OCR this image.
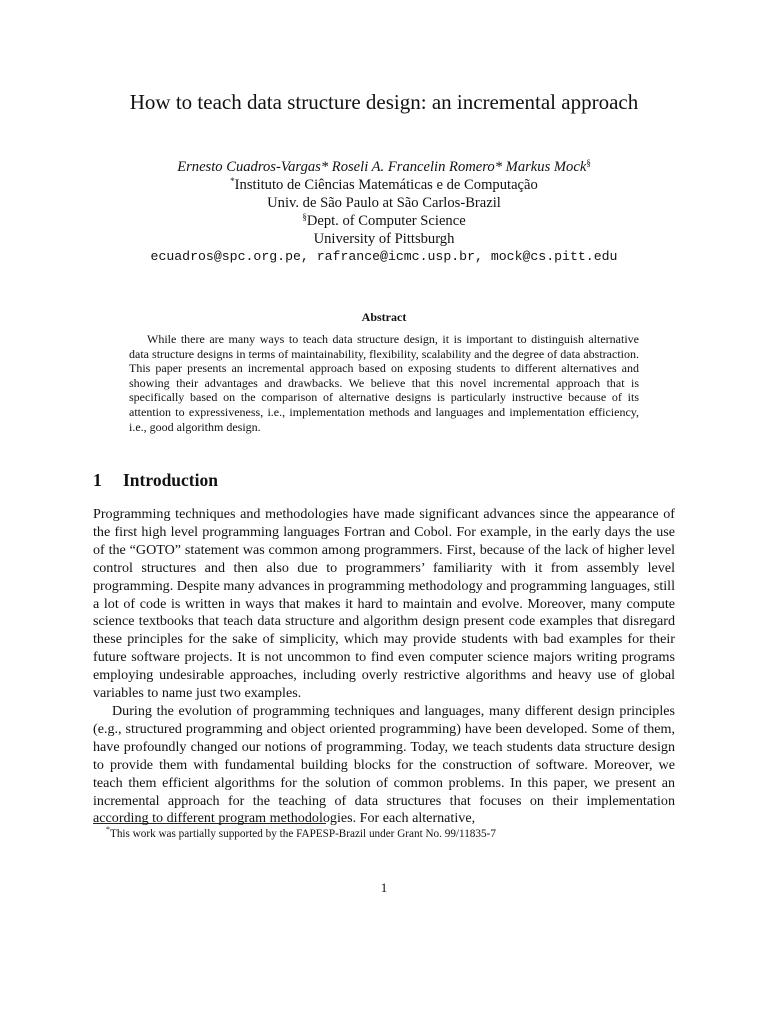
How to teach data structure design: an incremental approach
Ernesto Cuadros-Vargas* Roseli A. Francelin Romero* Markus Mock§
*Instituto de Ciências Matemáticas e de Computação
Univ. de São Paulo at São Carlos-Brazil
§Dept. of Computer Science
University of Pittsburgh
ecuadros@spc.org.pe, rafrance@icmc.usp.br, mock@cs.pitt.edu
Abstract

While there are many ways to teach data structure design, it is important to distinguish alternative data structure designs in terms of maintainability, flexibility, scalability and the degree of data abstraction. This paper presents an incremental approach based on exposing students to different alternatives and showing their advantages and drawbacks. We believe that this novel incremental approach that is specifically based on the comparison of alternative designs is particularly instructive because of its attention to expressiveness, i.e., implementation methods and languages and implementation efficiency, i.e., good algorithm design.

1 Introduction

Programming techniques and methodologies have made significant advances since the appearance of the first high level programming languages Fortran and Cobol. For example, in the early days the use of the “GOTO” statement was common among programmers. First, because of the lack of higher level control structures and then also due to programmers’ familiarity with it from assembly level programming. Despite many advances in programming methodology and programming languages, still a lot of code is written in ways that makes it hard to maintain and evolve. Moreover, many compute science textbooks that teach data structure and algorithm design present code examples that disregard these principles for the sake of simplicity, which may provide students with bad examples for their future software projects. It is not uncommon to find even computer science majors writing programs employing undesirable approaches, including overly restrictive algorithms and heavy use of global variables to name just two examples.

During the evolution of programming techniques and languages, many different design principles (e.g., structured programming and object oriented programming) have been developed. Some of them, have profoundly changed our notions of programming. Today, we teach students data structure design to provide them with fundamental building blocks for the construction of software. Moreover, we teach them efficient algorithms for the solution of common problems. In this paper, we present an incremental approach for the teaching of data structures that focuses on their implementation according to different program methodologies. For each alternative,

*This work was partially supported by the FAPESP-Brazil under Grant No. 99/11835-7
1
